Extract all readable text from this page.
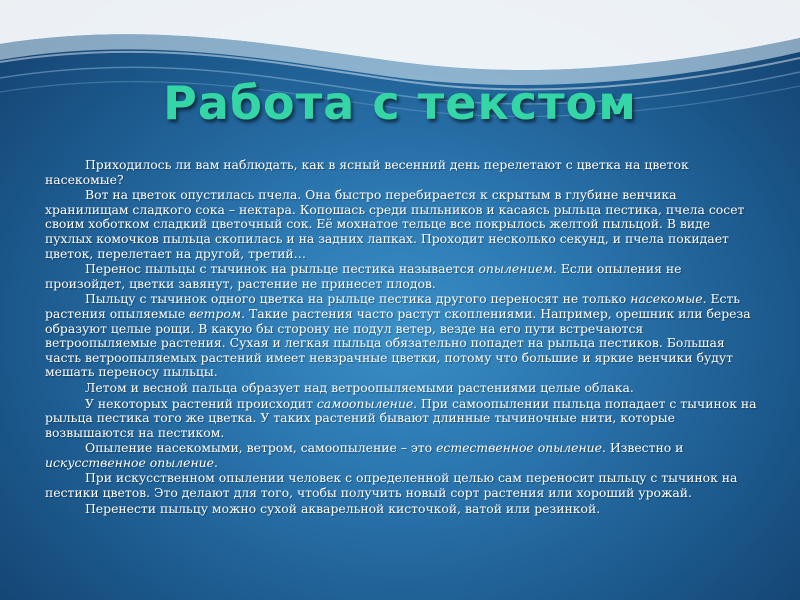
Работа с текстом

Приходилось ли вам наблюдать, как в ясный весенний день перелетают с цветка на цветок насекомые?

Вот на цветок опустилась пчела. Она быстро перебирается к скрытым в глубине венчика хранилищам сладкого сока – нектара. Копошась среди пыльников и касаясь рыльца пестика, пчела сосет своим хоботком сладкий цветочный сок. Её мохнатое тельце все покрылось желтой пыльцой. В виде пухлых комочков пыльца скопилась и на задних лапках. Проходит несколько секунд, и пчела покидает цветок, перелетает на другой, третий…

Перенос пыльцы с тычинок на рыльце пестика называется опылением. Если опыления не произойдет, цветки завянут, растение не принесет плодов.

Пыльцу с тычинок одного цветка на рыльце пестика другого переносят не только насекомые. Есть растения опыляемые ветром. Такие растения часто растут скоплениями. Например, орешник или береза образуют целые рощи. В какую бы сторону не подул ветер, везде на его пути встречаются ветроопыляемые растения. Сухая и легкая пыльца обязательно попадет на рыльца пестиков. Большая часть ветроопыляемых растений имеет невзрачные цветки, потому что большие и яркие венчики будут мешать переносу пыльцы.

Летом и весной пальца образует над ветроопыляемыми растениями целые облака.

У некоторых растений происходит самоопыление. При самоопылении пыльца попадает с тычинок на рыльца пестика того же цветка. У таких растений бывают длинные тычиночные нити, которые возвышаются на пестиком.

Опыление насекомыми, ветром, самоопыление – это естественное опыление. Известно и искусственное опыление.

При искусственном опылении человек с определенной целью сам переносит пыльцу с тычинок на пестики цветов. Это делают для того, чтобы получить новый сорт растения или хороший урожай.

Перенести пыльцу можно сухой акварельной кисточкой, ватой или резинкой.
